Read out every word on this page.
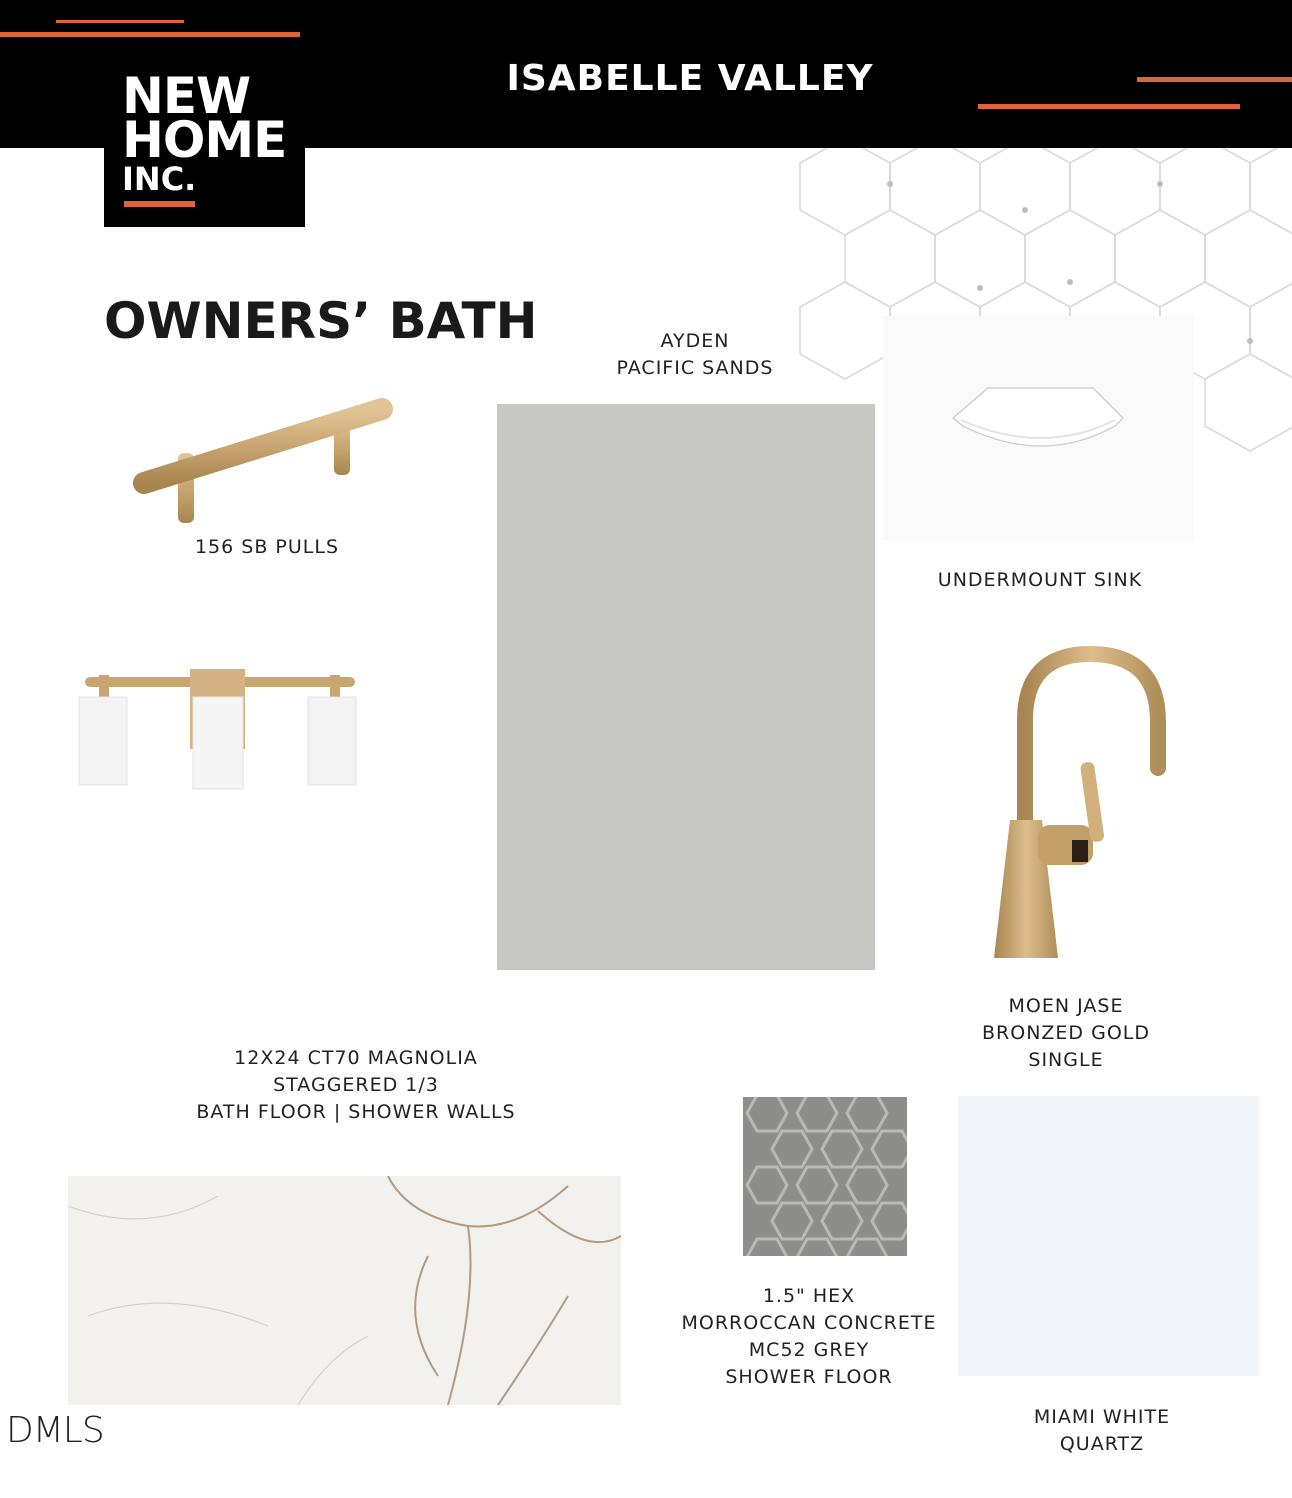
ISABELLE VALLEY
NEW
HOME
INC.
OWNERS’ BATH
156 SB PULLS
AYDEN
PACIFIC SANDS
UNDERMOUNT SINK
MOEN JASE
BRONZED GOLD
SINGLE
12X24 CT70 MAGNOLIA
STAGGERED 1/3
BATH FLOOR | SHOWER WALLS
1.5" HEX
MORROCCAN CONCRETE
MC52 GREY
SHOWER FLOOR
MIAMI WHITE
QUARTZ
DMLS
